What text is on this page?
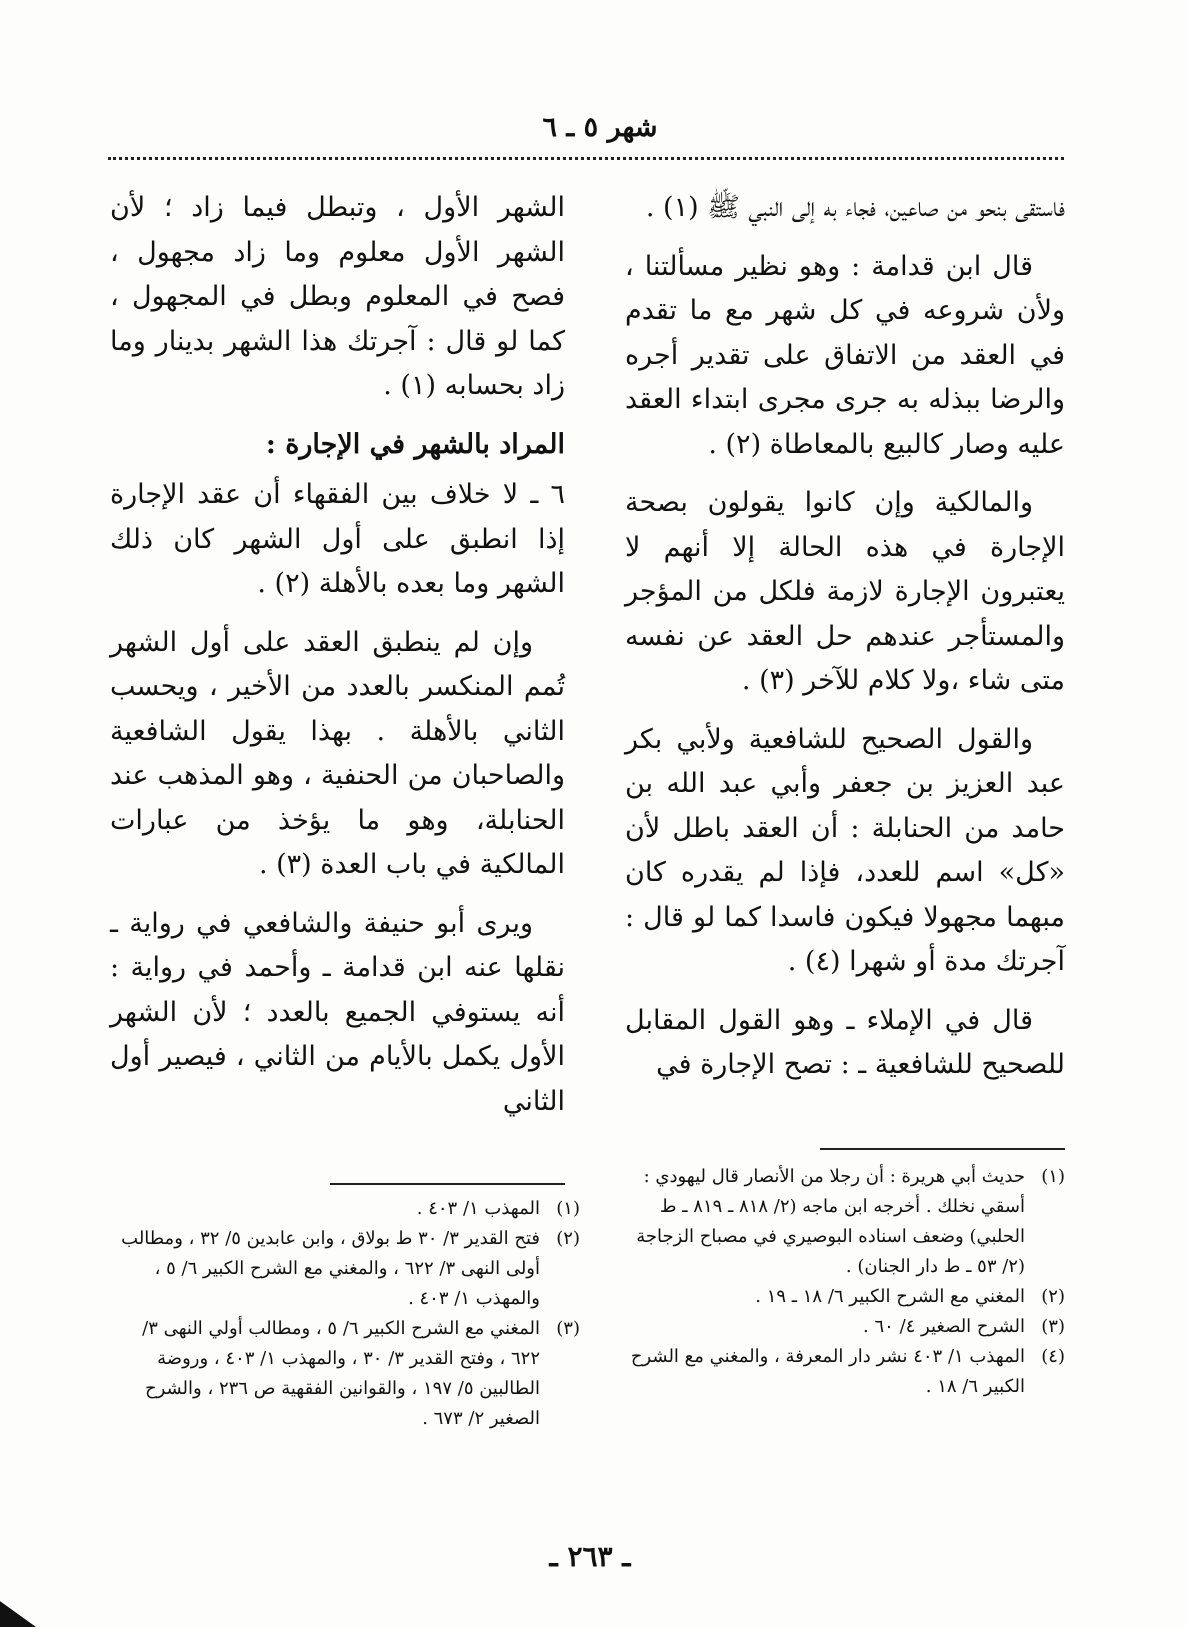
شهر ٥ ـ ٦

فاستقى بنحو من صاعين، فجاء به إلى النبي ﷺ (١) .

قال ابن قدامة : وهو نظير مسألتنا ، ولأن شروعه في كل شهر مع ما تقدم في العقد من الاتفاق على تقدير أجره والرضا ببذله به جرى مجرى ابتداء العقد عليه وصار كالبيع بالمعاطاة (٢) .

والمالكية وإن كانوا يقولون بصحة الإجارة في هذه الحالة إلا أنهم لا يعتبرون الإجارة لازمة فلكل من المؤجر والمستأجر عندهم حل العقد عن نفسه متى شاء ،ولا كلام للآخر (٣) .

والقول الصحيح للشافعية ولأبي بكر عبد العزيز بن جعفر وأبي عبد الله بن حامد من الحنابلة : أن العقد باطل لأن «كل» اسم للعدد، فإذا لم يقدره كان مبهما مجهولا فيكون فاسدا كما لو قال : آجرتك مدة أو شهرا (٤) .

قال في الإملاء ـ وهو القول المقابل للصحيح للشافعية ـ : تصح الإجارة في

الشهر الأول ، وتبطل فيما زاد ؛ لأن الشهر الأول معلوم وما زاد مجهول ، فصح في المعلوم وبطل في المجهول ، كما لو قال : آجرتك هذا الشهر بدينار وما زاد بحسابه (١) .

المراد بالشهر في الإجارة :

٦ ـ لا خلاف بين الفقهاء أن عقد الإجارة إذا انطبق على أول الشهر كان ذلك الشهر وما بعده بالأهلة (٢) .

وإن لم ينطبق العقد على أول الشهر تُمم المنكسر بالعدد من الأخير ، ويحسب الثاني بالأهلة . بهذا يقول الشافعية والصاحبان من الحنفية ، وهو المذهب عند الحنابلة، وهو ما يؤخذ من عبارات المالكية في باب العدة (٣) .

ويرى أبو حنيفة والشافعي في رواية ـ نقلها عنه ابن قدامة ـ وأحمد في رواية : أنه يستوفي الجميع بالعدد ؛ لأن الشهر الأول يكمل بالأيام من الثاني ، فيصير أول الثاني

(١)
حديث أبي هريرة : أن رجلا من الأنصار قال ليهودي : أسقي نخلك . أخرجه ابن ماجه (٢/ ٨١٨ ـ ٨١٩ ـ ط الحلبي) وضعف اسناده البوصيري في مصباح الزجاجة (٢/ ٥٣ ـ ط دار الجنان) .
(٢)
المغني مع الشرح الكبير ٦/ ١٨ ـ ١٩ .
(٣)
الشرح الصغير ٤/ ٦٠ .
(٤)
المهذب ١/ ٤٠٣ نشر دار المعرفة ، والمغني مع الشرح الكبير ٦/ ١٨ .
(١)
المهذب ١/ ٤٠٣ .
(٢)
فتح القدير ٣/ ٣٠ ط بولاق ، وابن عابدين ٥/ ٣٢ ، ومطالب أولى النهى ٣/ ٦٢٢ ، والمغني مع الشرح الكبير ٦/ ٥ ، والمهذب ١/ ٤٠٣ .
(٣)
المغني مع الشرح الكبير ٦/ ٥ ، ومطالب أولي النهى ٣/ ٦٢٢ ، وفتح القدير ٣/ ٣٠ ، والمهذب ١/ ٤٠٣ ، وروضة الطالبين ٥/ ١٩٧ ، والقوانين الفقهية ص ٢٣٦ ، والشرح الصغير ٢/ ٦٧٣ .
ـ ٢٦٣ ـ
